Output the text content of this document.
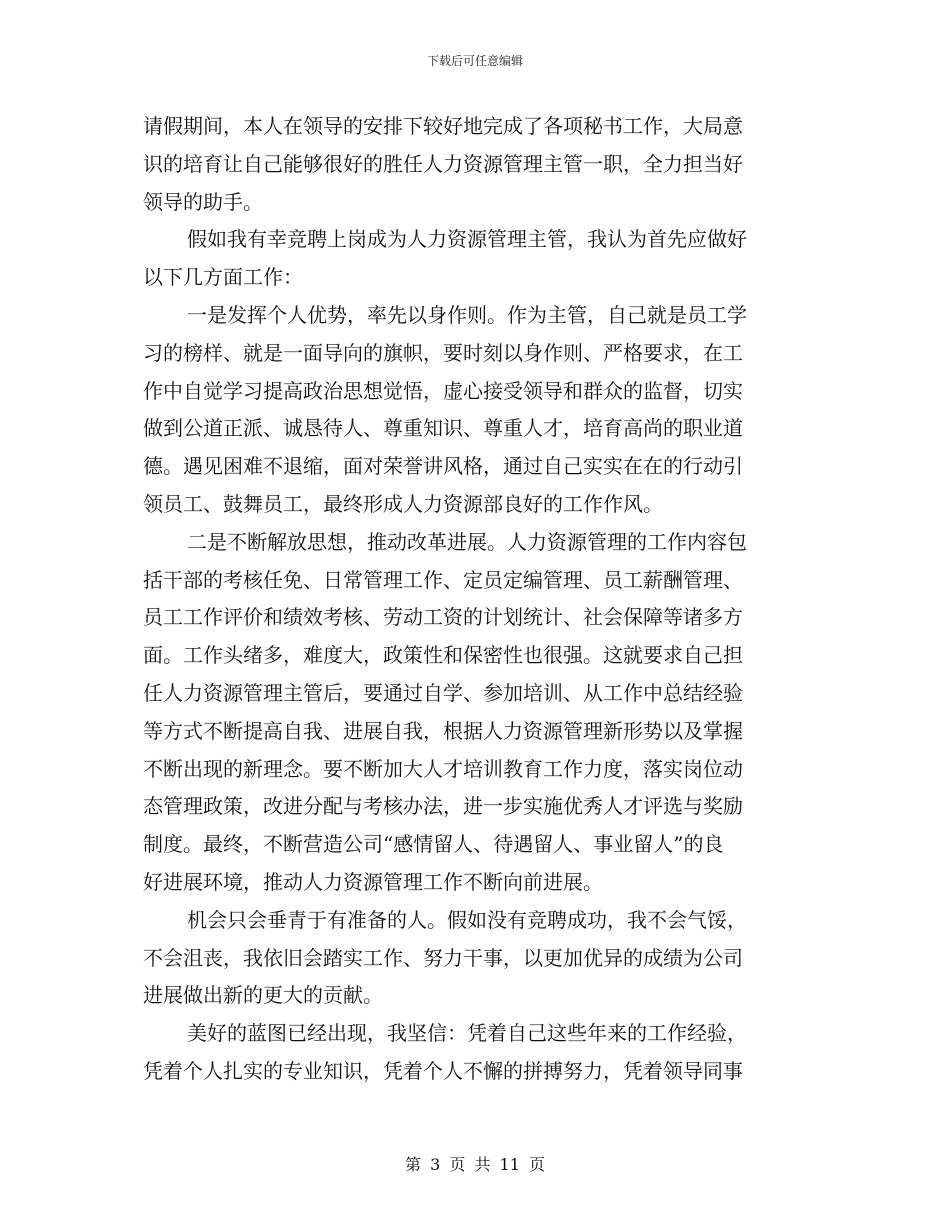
下载后可任意编辑

请假期间，本人在领导的安排下较好地完成了各项秘书工作，大局意
识的培育让自己能够很好的胜任人力资源管理主管一职，全力担当好
领导的助手。

假如我有幸竞聘上岗成为人力资源管理主管，我认为首先应做好
以下几方面工作：

一是发挥个人优势，率先以身作则。作为主管，自己就是员工学
习的榜样、就是一面导向的旗帜，要时刻以身作则、严格要求，在工
作中自觉学习提高政治思想觉悟，虚心接受领导和群众的监督，切实
做到公道正派、诚恳待人、尊重知识、尊重人才，培育高尚的职业道
德。遇见困难不退缩，面对荣誉讲风格，通过自己实实在在的行动引
领员工、鼓舞员工，最终形成人力资源部良好的工作作风。

二是不断解放思想，推动改革进展。人力资源管理的工作内容包
括干部的考核任免、日常管理工作、定员定编管理、员工薪酬管理、
员工工作评价和绩效考核、劳动工资的计划统计、社会保障等诸多方
面。工作头绪多，难度大，政策性和保密性也很强。这就要求自己担
任人力资源管理主管后，要通过自学、参加培训、从工作中总结经验
等方式不断提高自我、进展自我，根据人力资源管理新形势以及掌握
不断出现的新理念。要不断加大人才培训教育工作力度，落实岗位动
态管理政策，改进分配与考核办法，进一步实施优秀人才评选与奖励
制度。最终，不断营造公司“感情留人、待遇留人、事业留人”的良
好进展环境，推动人力资源管理工作不断向前进展。

机会只会垂青于有准备的人。假如没有竞聘成功，我不会气馁，
不会沮丧，我依旧会踏实工作、努力干事，以更加优异的成绩为公司
进展做出新的更大的贡献。

美好的蓝图已经出现，我坚信：凭着自己这些年来的工作经验，
凭着个人扎实的专业知识，凭着个人不懈的拼搏努力，凭着领导同事

第 3 页 共 11 页
